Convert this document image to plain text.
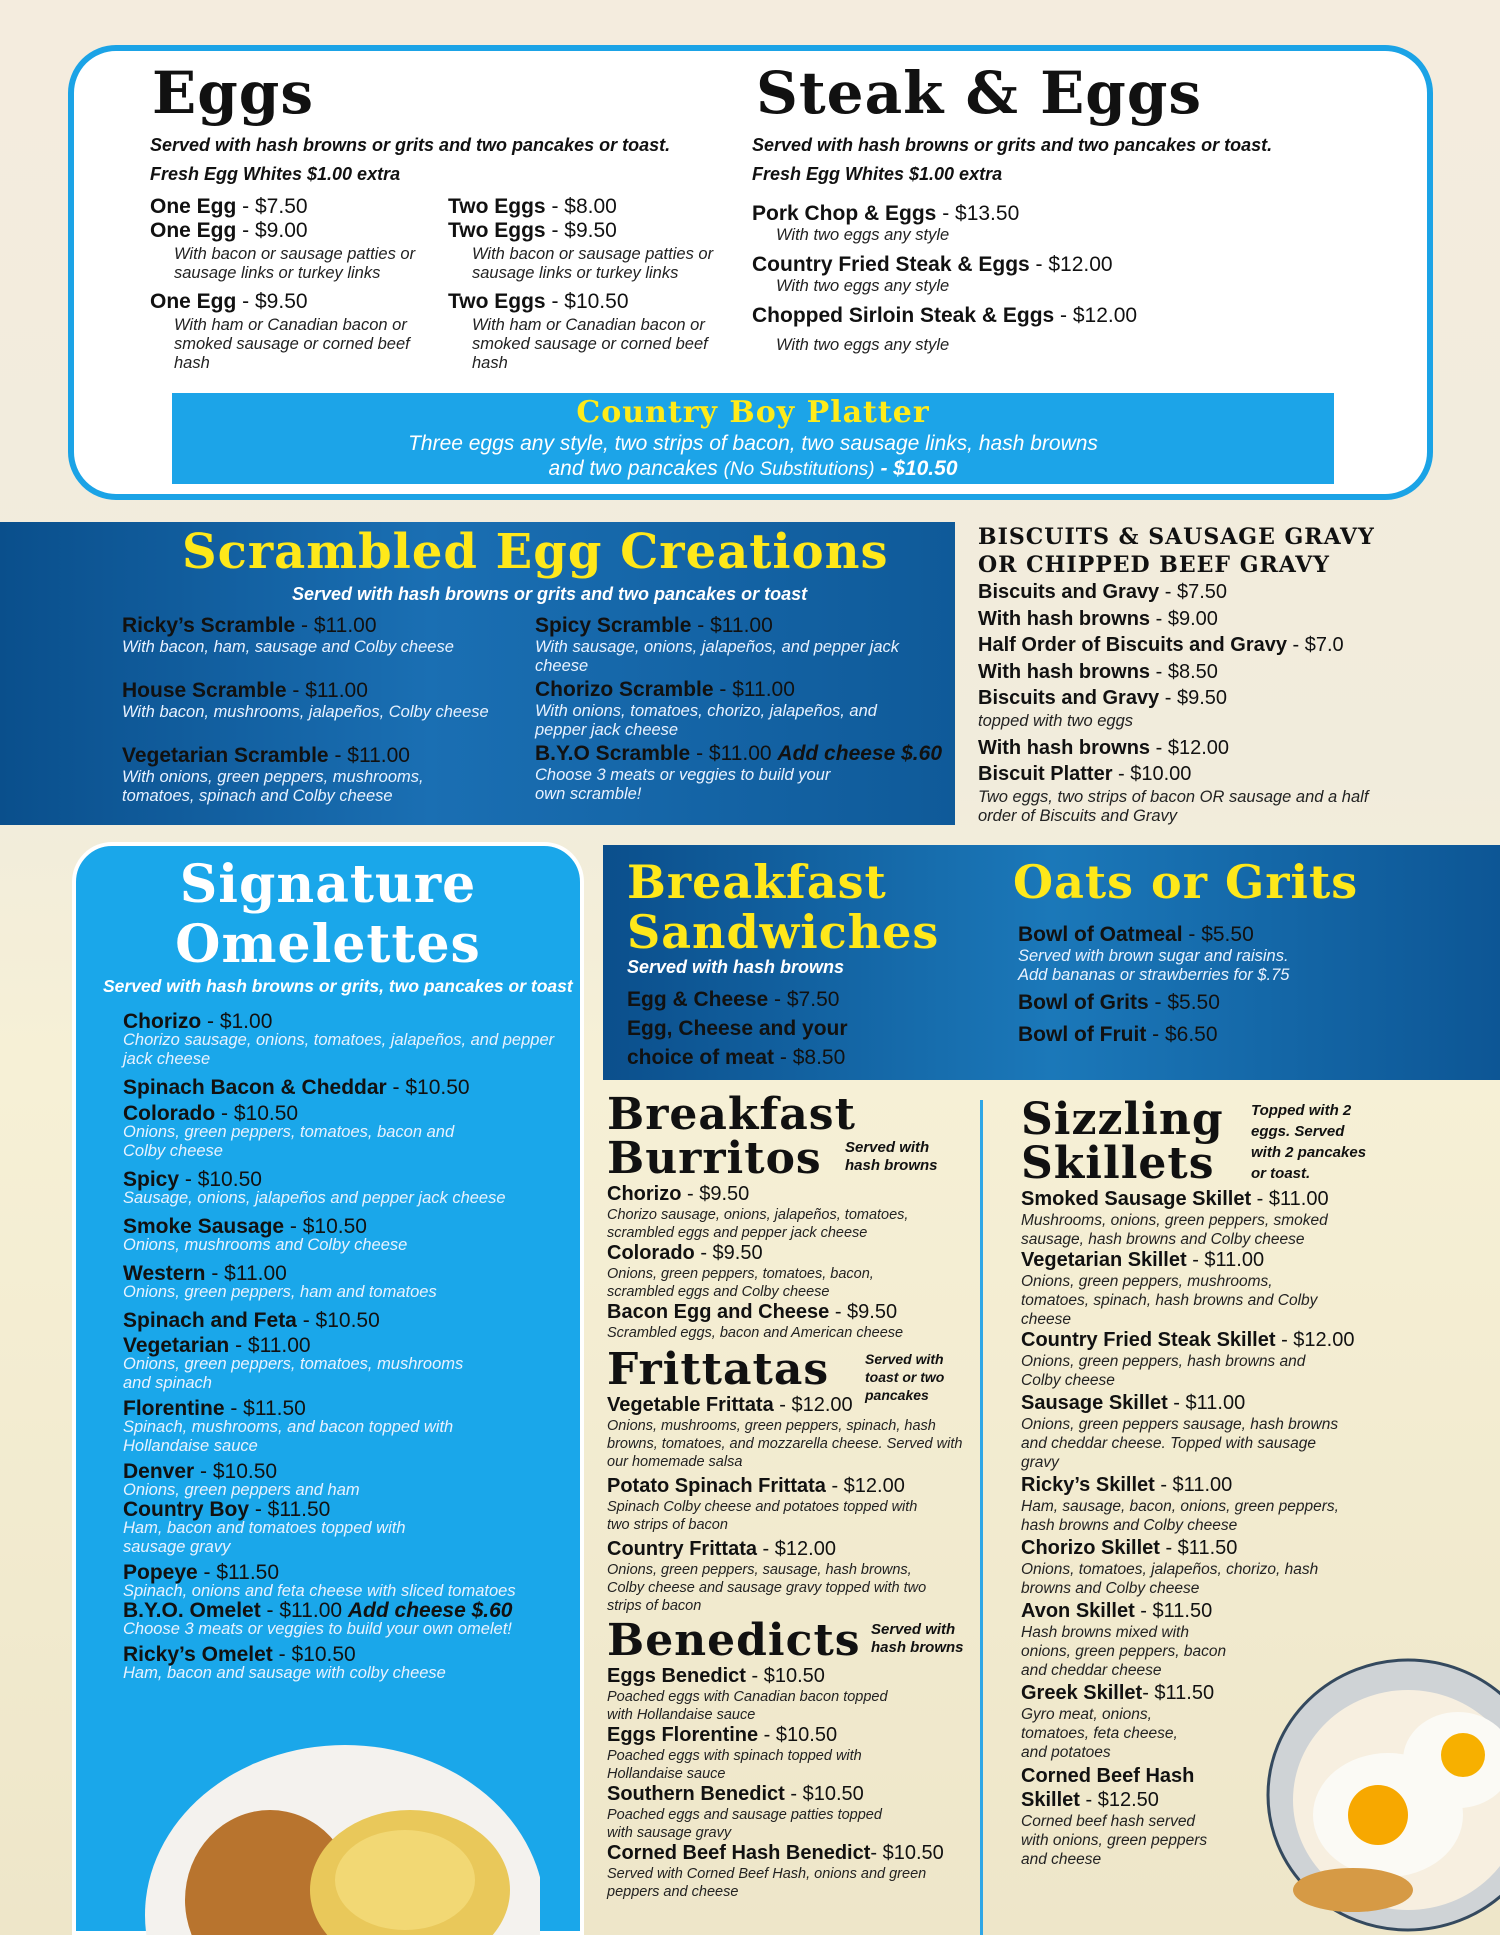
Eggs	Steak & Eggs
Served with hash browns or grits and two pancakes or toast.
Fresh Egg Whites $1.00 extra
One Egg - $7.50
One Egg - $9.00
With bacon or sausage patties or sausage links or turkey links
One Egg - $9.50
With ham or Canadian bacon or smoked sausage or corned beef hash
Two Eggs - $8.00
Two Eggs - $9.50
With bacon or sausage patties or sausage links or turkey links
Two Eggs - $10.50
With ham or Canadian bacon or smoked sausage or corned beef hash
Served with hash browns or grits and two pancakes or toast.
Fresh Egg Whites $1.00 extra
Pork Chop & Eggs - $13.50
With two eggs any style
Country Fried Steak & Eggs - $12.00
With two eggs any style
Chopped Sirloin Steak & Eggs - $12.00
With two eggs any style
Country Boy Platter
Three eggs any style, two strips of bacon, two sausage links, hash browns
and two pancakes (No Substitutions) - $10.50
Scrambled Egg Creations
Served with hash browns or grits and two pancakes or toast
Ricky’s Scramble - $11.00
With bacon, ham, sausage and Colby cheese
House Scramble - $11.00
With bacon, mushrooms, jalapeños, Colby cheese
Vegetarian Scramble - $11.00
With onions, green peppers, mushrooms, tomatoes, spinach and Colby cheese
Spicy Scramble - $11.00
With sausage, onions, jalapeños, and pepper jack cheese
Chorizo Scramble - $11.00
With onions, tomatoes, chorizo, jalapeños, and pepper jack cheese
B.Y.O Scramble - $11.00 Add cheese $.60
Choose 3 meats or veggies to build your own scramble!
BISCUITS & SAUSAGE GRAVY
OR CHIPPED BEEF GRAVY
Biscuits and Gravy - $7.50
With hash browns - $9.00
Half Order of Biscuits and Gravy - $7.0
With hash browns - $8.50
Biscuits and Gravy - $9.50
topped with two eggs
With hash browns - $12.00
Biscuit Platter - $10.00
Two eggs, two strips of bacon OR sausage and a half order of Biscuits and Gravy
Signature
Omelettes
Served with hash browns or grits, two pancakes or toast
Chorizo - $1.00
Chorizo sausage, onions, tomatoes, jalapeños, and pepper jack cheese
Spinach Bacon & Cheddar - $10.50
Colorado - $10.50
Onions, green peppers, tomatoes, bacon and Colby cheese
Spicy - $10.50
Sausage, onions, jalapeños and pepper jack cheese
Smoke Sausage - $10.50
Onions, mushrooms and Colby cheese
Western - $11.00
Onions, green peppers, ham and tomatoes
Spinach and Feta - $10.50
Vegetarian - $11.00
Onions, green peppers, tomatoes, mushrooms and spinach
Florentine - $11.50
Spinach, mushrooms, and bacon topped with Hollandaise sauce
Denver - $10.50
Onions, green peppers and ham
Country Boy - $11.50
Ham, bacon and tomatoes topped with sausage gravy
Popeye - $11.50
Spinach, onions and feta cheese with sliced tomatoes
B.Y.O. Omelet - $11.00 Add cheese $.60
Choose 3 meats or veggies to build your own omelet!
Ricky’s Omelet - $10.50
Ham, bacon and sausage with colby cheese
Breakfast
Sandwiches
Served with hash browns
Egg & Cheese - $7.50
Egg, Cheese and your
choice of meat - $8.50
Oats or Grits
Bowl of Oatmeal - $5.50
Served with brown sugar and raisins. Add bananas or strawberries for $.75
Bowl of Grits - $5.50
Bowl of Fruit - $6.50
Breakfast
Burritos Served with hash browns
Chorizo - $9.50
Chorizo sausage, onions, jalapeños, tomatoes, scrambled eggs and pepper jack cheese
Colorado - $9.50
Onions, green peppers, tomatoes, bacon, scrambled eggs and Colby cheese
Bacon Egg and Cheese - $9.50
Scrambled eggs, bacon and American cheese
Frittatas	Served with toast or two pancakes
Vegetable Frittata - $12.00
Onions, mushrooms, green peppers, spinach, hash browns, tomatoes, and mozzarella cheese. Served with our homemade salsa
Potato Spinach Frittata - $12.00
Spinach Colby cheese and potatoes topped with two strips of bacon
Country Frittata - $12.00
Onions, green peppers, sausage, hash browns, Colby cheese and sausage gravy topped with two strips of bacon
Benedicts Served with hash browns
Eggs Benedict - $10.50
Poached eggs with Canadian bacon topped with Hollandaise sauce
Eggs Florentine - $10.50
Poached eggs with spinach topped with Hollandaise sauce
Southern Benedict - $10.50
Poached eggs and sausage patties topped with sausage gravy
Corned Beef Hash Benedict- $10.50
Served with Corned Beef Hash, onions and green peppers and cheese
Sizzling
Skillets
Topped with 2 eggs. Served with 2 pancakes or toast.
Smoked Sausage Skillet - $11.00
Mushrooms, onions, green peppers, smoked sausage, hash browns and Colby cheese
Vegetarian Skillet - $11.00
Onions, green peppers, mushrooms, tomatoes, spinach, hash browns and Colby cheese
Country Fried Steak Skillet - $12.00
Onions, green peppers, hash browns and Colby cheese
Sausage Skillet - $11.00
Onions, green peppers sausage, hash browns and cheddar cheese. Topped with sausage gravy
Ricky’s Skillet - $11.00
Ham, sausage, bacon, onions, green peppers, hash browns and Colby cheese
Chorizo Skillet - $11.50
Onions, tomatoes, jalapeños, chorizo, hash browns and Colby cheese
Avon Skillet - $11.50
Hash browns mixed with onions, green peppers, bacon and cheddar cheese
Greek Skillet- $11.50
Gyro meat, onions, tomatoes, feta cheese, and potatoes
Corned Beef Hash Skillet - $12.50
Corned beef hash served with onions, green peppers and cheese
